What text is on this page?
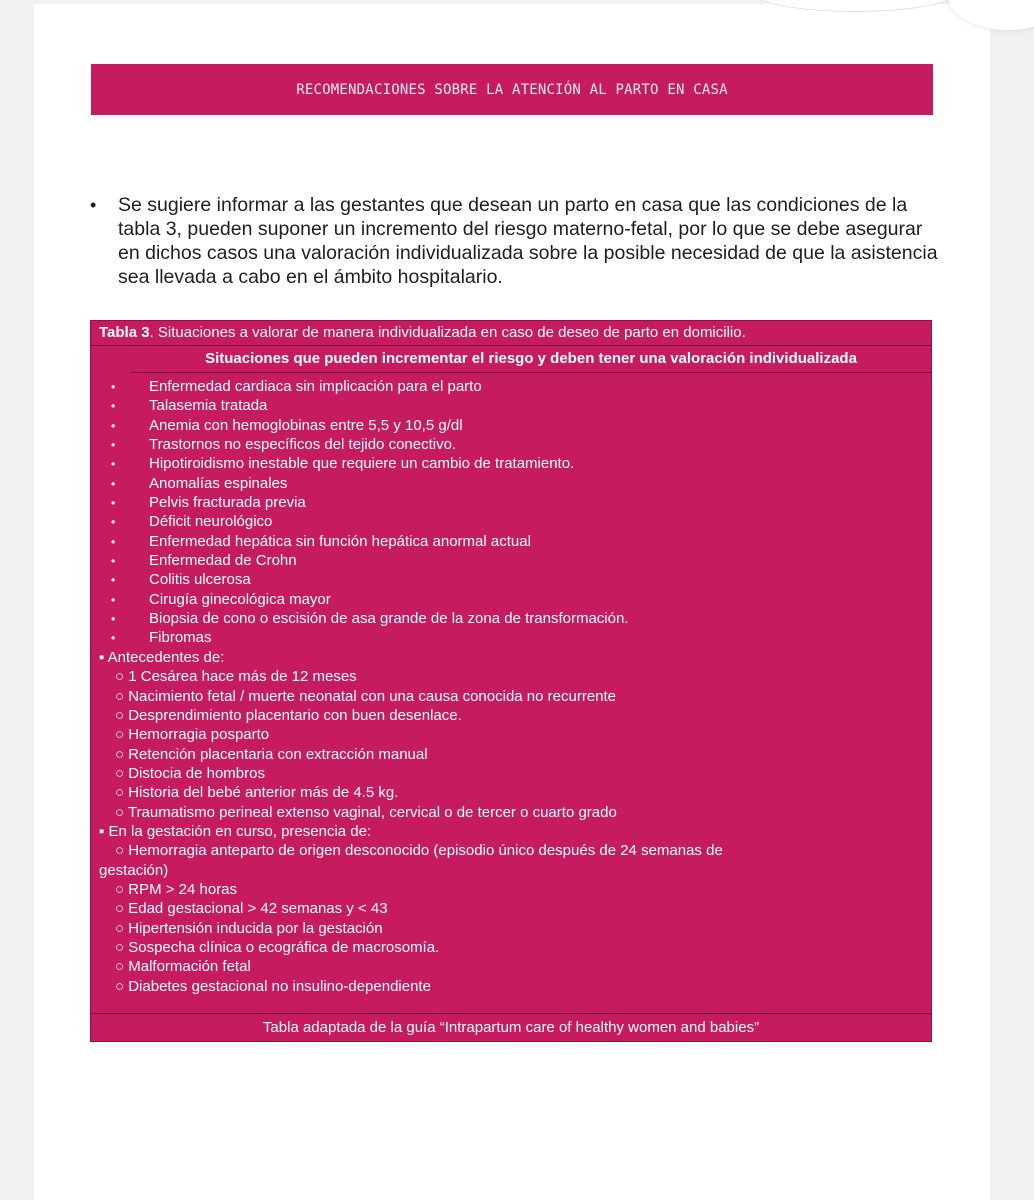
RECOMENDACIONES SOBRE LA ATENCIÓN AL PARTO EN CASA
•	Se sugiere informar a las gestantes que desean un parto en casa que las condiciones de la tabla 3, pueden suponer un incremento del riesgo materno-fetal, por lo que se debe asegurar en dichos casos una valoración individualizada sobre la posible necesidad de que la asistencia sea llevada a cabo en el ámbito hospitalario.
Tabla 3. Situaciones a valorar de manera individualizada en caso de deseo de parto en domicilio.
Situaciones que pueden incrementar el riesgo y deben tener una valoración individualizada
• Enfermedad cardiaca sin implicación para el parto
• Talasemia tratada
• Anemia con hemoglobinas entre 5,5 y 10,5 g/dl
• Trastornos no específicos del tejido conectivo.
• Hipotiroidismo inestable que requiere un cambio de tratamiento.
• Anomalías espinales
• Pelvis fracturada previa
• Déficit neurológico
• Enfermedad hepática sin función hepática anormal actual
• Enfermedad de Crohn
• Colitis ulcerosa
• Cirugía ginecológica mayor
• Biopsia de cono o escisión de asa grande de la zona de transformación.
• Fibromas
▪ Antecedentes de:
○ 1 Cesárea hace más de 12 meses
○ Nacimiento fetal / muerte neonatal con una causa conocida no recurrente
○ Desprendimiento placentario con buen desenlace.
○ Hemorragia posparto
○ Retención placentaria con extracción manual
○ Distocia de hombros
○ Historia del bebé anterior más de 4.5 kg.
○ Traumatismo perineal extenso vaginal, cervical o de tercer o cuarto grado
▪ En la gestación en curso, presencia de:
○ Hemorragia anteparto de origen desconocido (episodio único después de 24 semanas de
gestación)
○ RPM > 24 horas
○ Edad gestacional > 42 semanas y < 43
○ Hipertensión inducida por la gestación
○ Sospecha clínica o ecográfica de macrosomía.
○ Malformación fetal
○ Diabetes gestacional no insulino-dependiente
Tabla adaptada de la guía “Intrapartum care of healthy women and babies”
